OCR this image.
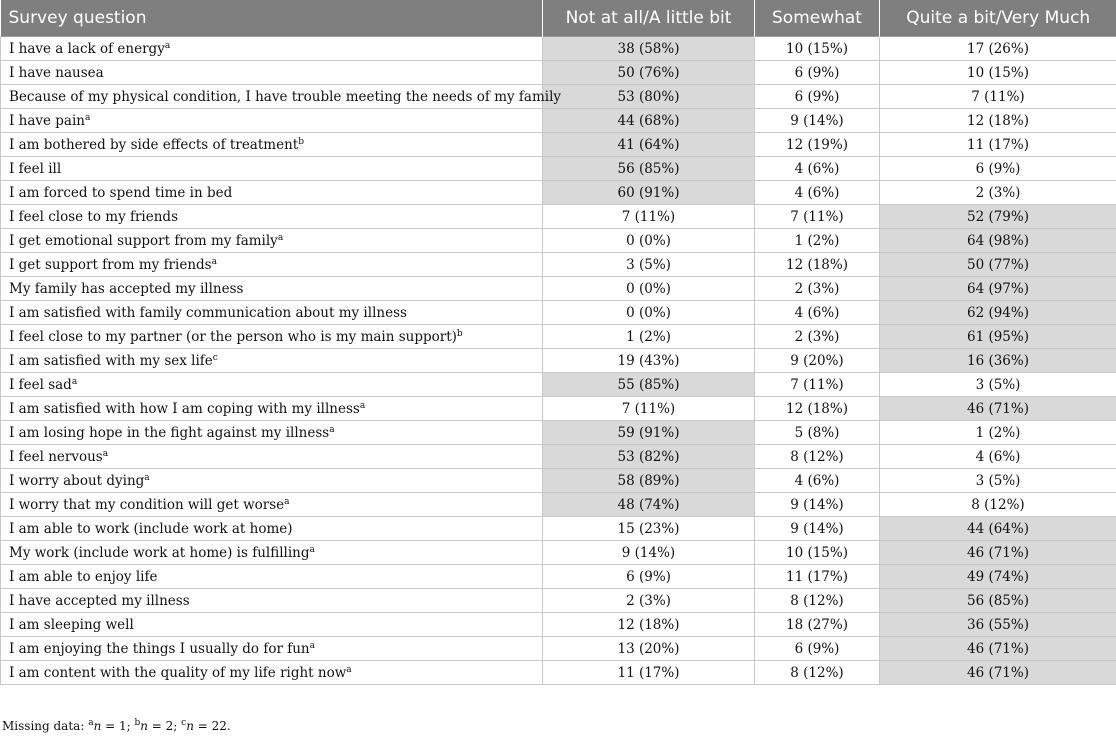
Survey question	Not at all/A little bit	Somewhat	Quite a bit/Very Much
I have a lack of energy$^a$	38 (58%)	10 (15%)	17 (26%)
I have nausea	50 (76%)	6 (9%)	10 (15%)
Because of my physical condition, I have trouble meeting the needs of my family	53 (80%)	6 (9%)	7 (11%)
I have pain$^a$	44 (68%)	9 (14%)	12 (18%)
I am bothered by side effects of treatment$^b$	41 (64%)	12 (19%)	11 (17%)
I feel ill	56 (85%)	4 (6%)	6 (9%)
I am forced to spend time in bed	60 (91%)	4 (6%)	2 (3%)
I feel close to my friends	7 (11%)	7 (11%)	52 (79%)
I get emotional support from my family$^a$	0 (0%)	1 (2%)	64 (98%)
I get support from my friends$^a$	3 (5%)	12 (18%)	50 (77%)
My family has accepted my illness	0 (0%)	2 (3%)	64 (97%)
I am satisfied with family communication about my illness	0 (0%)	4 (6%)	62 (94%)
I feel close to my partner (or the person who is my main support)$^b$	1 (2%)	2 (3%)	61 (95%)
I am satisfied with my sex life$^c$	19 (43%)	9 (20%)	16 (36%)
I feel sad$^a$	55 (85%)	7 (11%)	3 (5%)
I am satisfied with how I am coping with my illness$^a$	7 (11%)	12 (18%)	46 (71%)
I am losing hope in the fight against my illness$^a$	59 (91%)	5 (8%)	1 (2%)
I feel nervous$^a$	53 (82%)	8 (12%)	4 (6%)
I worry about dying$^a$	58 (89%)	4 (6%)	3 (5%)
I worry that my condition will get worse$^a$	48 (74%)	9 (14%)	8 (12%)
I am able to work (include work at home)	15 (23%)	9 (14%)	44 (64%)
My work (include work at home) is fulfilling$^a$	9 (14%)	10 (15%)	46 (71%)
I am able to enjoy life	6 (9%)	11 (17%)	49 (74%)
I have accepted my illness	2 (3%)	8 (12%)	56 (85%)
I am sleeping well	12 (18%)	18 (27%)	36 (55%)
I am enjoying the things I usually do for fun$^a$	13 (20%)	6 (9%)	46 (71%)
I am content with the quality of my life right now$^a$	11 (17%)	8 (12%)	46 (71%)
Missing data: $^a$n = 1; $^b$n = 2; $^c$n = 22.
